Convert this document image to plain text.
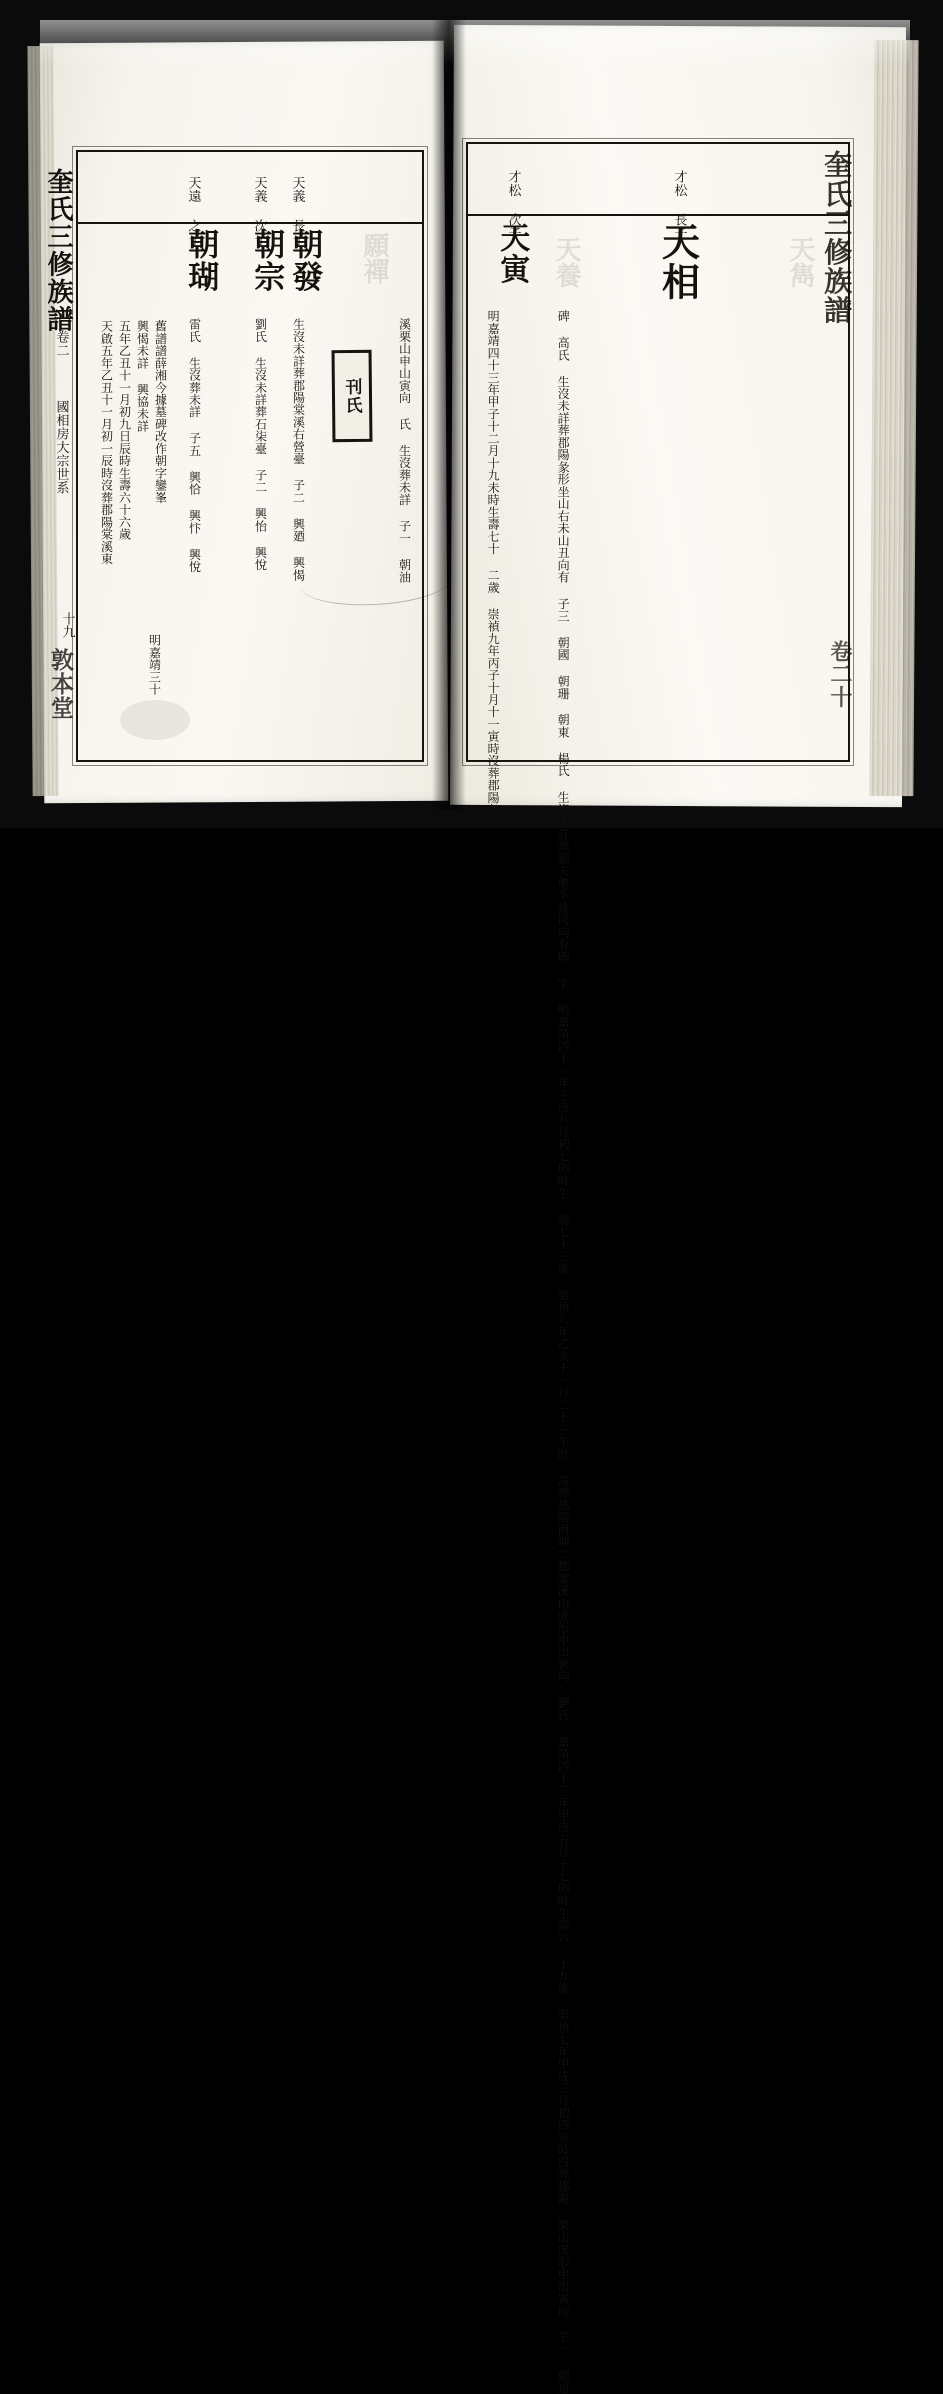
奎氏三修族譜
卷二
國相房大宗世系
十九
敦本堂
天義 長子
朝發
生沒未詳葬郡陽棠溪右營臺 子二 興廼 興愒
天義 次子
朝宗
劉氏 生沒未詳葬石㭍臺 子二 興怡 興悅
天遠 之子
朝瑚
雷氏 生沒葬未詳 子五 興恰 興忭 興悅
舊譜譜薛湘今據墓碑改作朝字鑾峯
興愒未詳 興協未詳
五年乙丑十一月初九日辰時生壽六十六歲
天啟五年乙丑十一月初一辰時沒葬郡陽棠溪東
明嘉靖三十
溪栗山申山寅向 氏 生沒葬未詳 子一 朝油
刊氏
才松 長子
天相
碑 高氏 生沒未詳葬郡陽彖形坐山右未山丑向有 子三 朝國 朝珊 朝東 楊氏 生沒未詳葬刷夫壟下排同向有碑 字 明嘉靖四十一年壬戌八月初七卯時生 壽七十三歲 崇禎八年乙亥十一月二十三午時 沒葬郡陽酉坤二郡棠溪山虎形申出寅向 劉氏 嘉靖四十三年甲戌五月十七卯時生壽六 十九歲 崇禎七年甲戌三月初四亥時沒葬郡陽 栗山虎形申出寅向 子一 朝道
才松 次子
天寅
明嘉靖四十三年甲子十二月十九未時生壽七十 二歲 崇禎九年丙子十月十一寅時沒葬郡陽彖
奎氏三修族譜
卷二十
